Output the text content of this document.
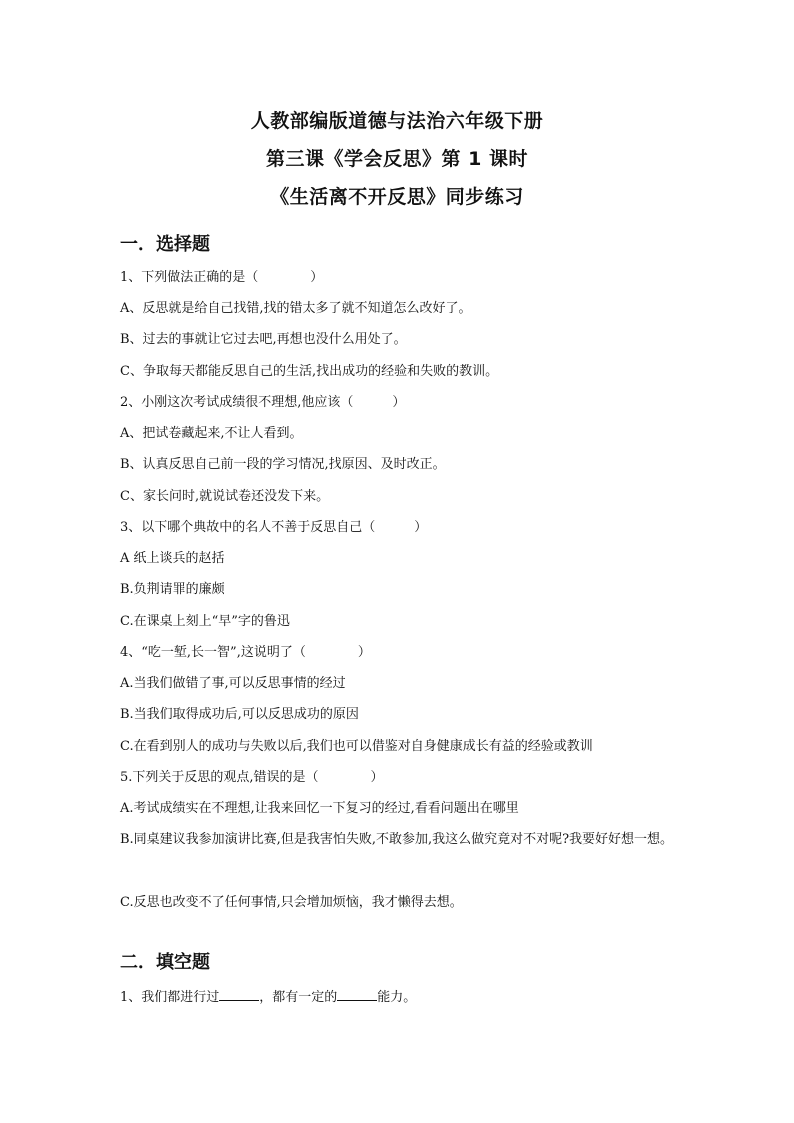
人教部编版道德与法治六年级下册
第三课《学会反思》第 1 课时
《生活离不开反思》同步练习
一．选择题
1、下列做法正确的是（　　　　）
A、反思就是给自己找错,找的错太多了就不知道怎么改好了。
B、过去的事就让它过去吧,再想也没什么用处了。
C、争取每天都能反思自己的生活,找出成功的经验和失败的教训。
2、小刚这次考试成绩很不理想,他应该（　　　）
A、把试卷藏起来,不让人看到。
B、认真反思自己前一段的学习情况,找原因、及时改正。
C、家长问时,就说试卷还没发下来。
3、以下哪个典故中的名人不善于反思自己（　　　）
A 纸上谈兵的赵括
B.负荆请罪的廉颇
C.在课桌上刻上“早”字的鲁迅
4、“吃一堑,长一智”,这说明了（　　　　）
A.当我们做错了事,可以反思事情的经过
B.当我们取得成功后,可以反思成功的原因
C.在看到别人的成功与失败以后,我们也可以借鉴对自身健康成长有益的经验或教训
5.下列关于反思的观点,错误的是（　　　　）
A.考试成绩实在不理想,让我来回忆一下复习的经过,看看问题出在哪里
B.同桌建议我参加演讲比赛,但是我害怕失败,不敢参加,我这么做究竟对不对呢?我要好好想一想。
C.反思也改变不了任何事情,只会增加烦恼，我才懒得去想。
二．填空题
1、我们都进行过	，都有一定的	能力。
